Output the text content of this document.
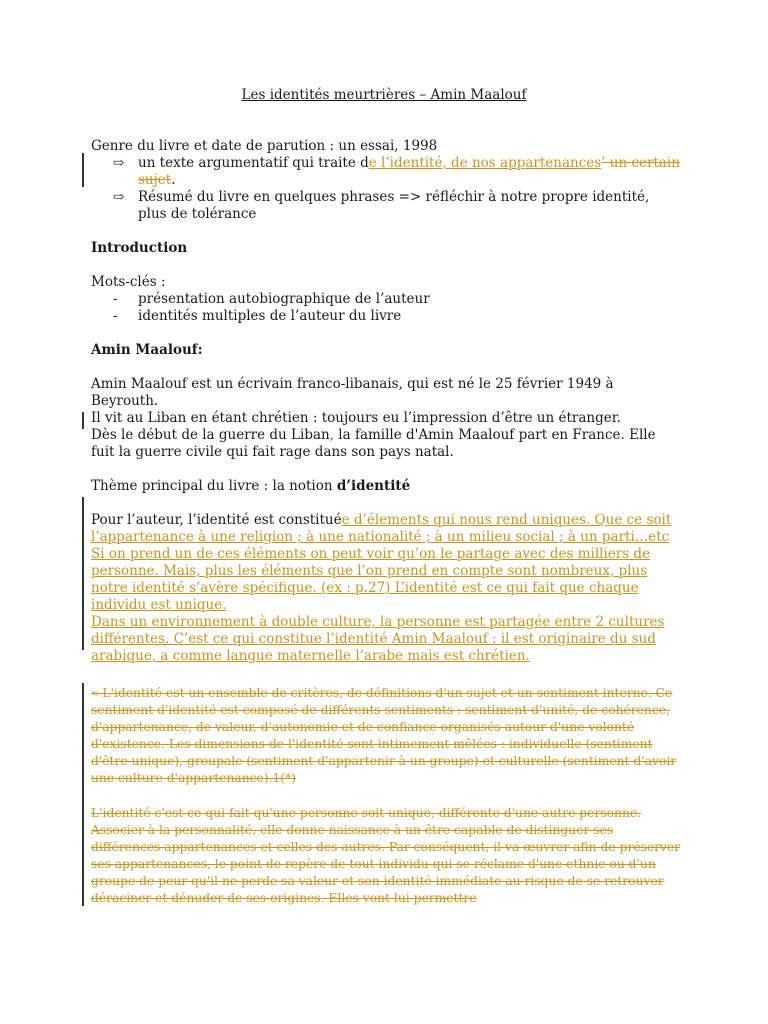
Les identités meurtrières – Amin Maalouf
Genre du livre et date de parution : un essai, 1998
⇨	un texte argumentatif qui traite de l’identité, de nos appartenances’ un certain
sujet.
⇨	Résumé du livre en quelques phrases => réfléchir à notre propre identité, plus de tolérance
Introduction
Mots-clés :
- présentation autobiographique de l’auteur
- identités multiples de l’auteur du livre
Amin Maalouf:
Amin Maalouf est un écrivain franco-libanais, qui est né le 25 février 1949 à Beyrouth.
Il vit au Liban en étant chrétien : toujours eu l’impression d’être un étranger.
Dès le début de la guerre du Liban, la famille d'Amin Maalouf part en France. Elle fuit la guerre civile qui fait rage dans son pays natal.
Thème principal du livre : la notion d’identité
Pour l’auteur, l’identité est constituée d’élements qui nous rend uniques. Que ce soit l’appartenance à une religion ; à une nationalité ; à un milieu social ; à un parti…etc
Si on prend un de ces éléments on peut voir qu’on le partage avec des milliers de personne. Mais, plus les éléments que l’on prend en compte sont nombreux, plus notre identité s’avère spécifique. (ex : p.27) L’identité est ce qui fait que chaque individu est unique.
Dans un environnement à double culture, la personne est partagée entre 2 cultures différentes. C’est ce qui constitue l’identité Amin Maalouf : il est originaire du sud arabique, a comme langue maternelle l’arabe mais est chrétien.
« L'identité est un ensemble de critères, de définitions d'un sujet et un sentiment interne. Ce sentiment d'identité est composé de différents sentiments : sentiment d'unité, de cohérence, d'appartenance, de valeur, d'autonomie et de confiance organisés autour d'une volonté d'existence. Les dimensions de l'identité sont intimement mêlées : individuelle (sentiment d'être unique), groupale (sentiment d'appartenir à un groupe) et culturelle (sentiment d'avoir une culture d'appartenance).1(*)
L'identité c'est ce qui fait qu'une personne soit unique, différente d'une autre personne. Associer à la personnalité, elle donne naissance à un être capable de distinguer ses différences appartenances et celles des autres. Par conséquent, il va œuvrer afin de préserver ses appartenances, le point de repère de tout individu qui se réclame d'une ethnie ou d'un groupe de peur qu'il ne perde sa valeur et son identité immédiate au risque de se retrouver déraciner et dénuder de ses origines. Elles vont lui permettre
